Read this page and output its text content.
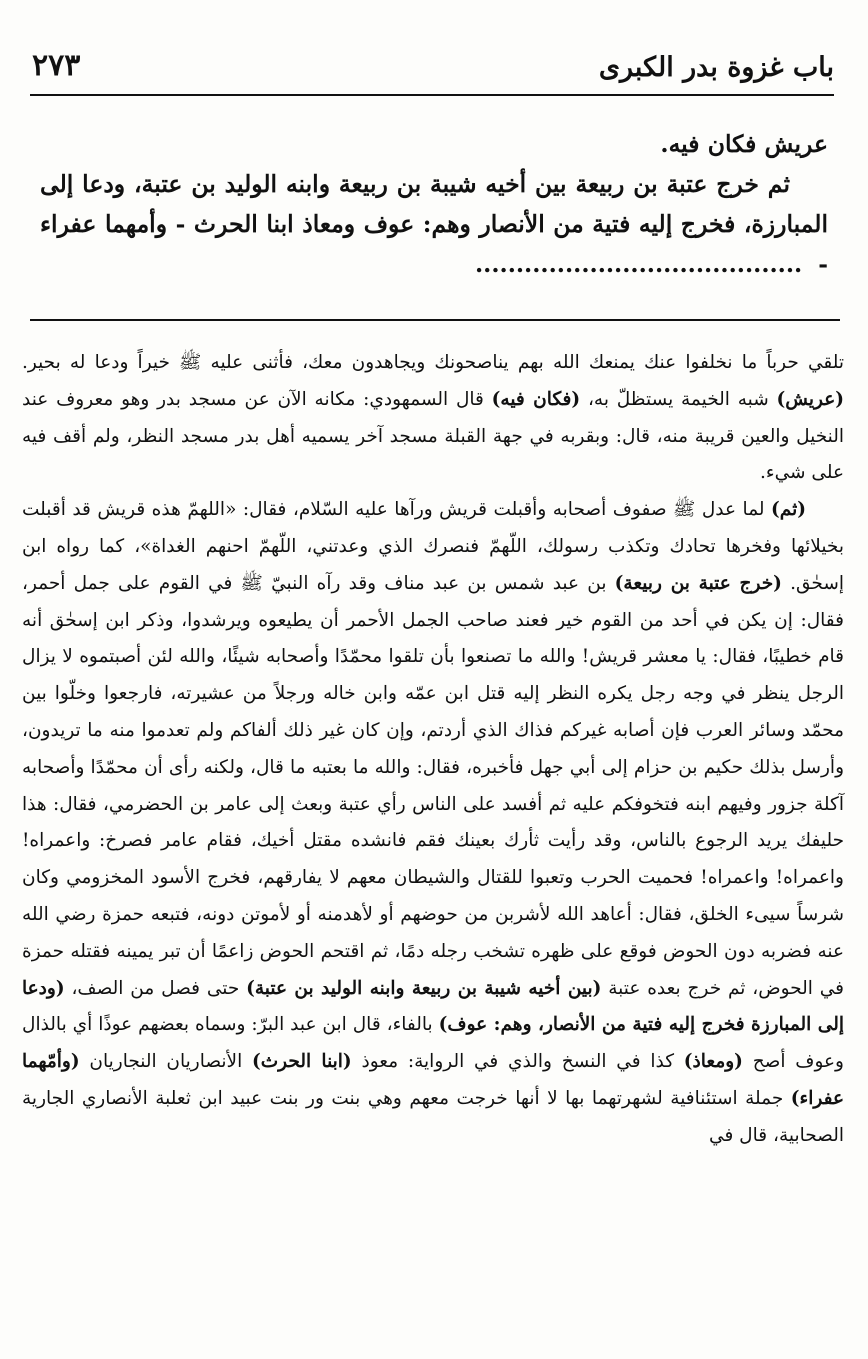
٢٧٣	باب غزوة بدر الكبرى

عريش فكان فيه.

ثم خرج عتبة بن ربيعة بين أخيه شيبة بن ربيعة وابنه الوليد بن عتبة، ودعا إلى المبارزة، فخرج إليه فتية من الأنصار وهم: عوف ومعاذ ابنا الحرث - وأمهما عفراء -........................................

تلقي حرباً ما نخلفوا عنك يمنعك الله بهم يناصحونك ويجاهدون معك، فأثنى عليه ﷺ خيراً ودعا له بحير. (عريش) شبه الخيمة يستظلّ به، (فكان فيه) قال السمهودي: مكانه الآن عن مسجد بدر وهو معروف عند النخيل والعين قريبة منه، قال: وبقربه في جهة القبلة مسجد آخر يسميه أهل بدر مسجد النظر، ولم أقف فيه على شيء.

(ثم) لما عدل ﷺ صفوف أصحابه وأقبلت قريش ورآها عليه السّلام، فقال: «اللهمّ هذه قريش قد أقبلت بخيلائها وفخرها تحادك وتكذب رسولك، اللّهمّ فنصرك الذي وعدتني، اللّهمّ احنهم الغداة»، كما رواه ابن إسحٰق. (خرج عتبة بن ربيعة) بن عبد شمس بن عبد مناف وقد رآه النبيّ ﷺ في القوم على جمل أحمر، فقال: إن يكن في أحد من القوم خير فعند صاحب الجمل الأحمر أن يطيعوه ويرشدوا، وذكر ابن إسحٰق أنه قام خطيبًا، فقال: يا معشر قريش! والله ما تصنعوا بأن تلقوا محمّدًا وأصحابه شيئًا، والله لئن أصبتموه لا يزال الرجل ينظر في وجه رجل يكره النظر إليه قتل ابن عمّه وابن خاله ورجلاً من عشيرته، فارجعوا وخلّوا بين محمّد وسائر العرب فإن أصابه غيركم فذاك الذي أردتم، وإن كان غير ذلك ألفاكم ولم تعدموا منه ما تريدون، وأرسل بذلك حكيم بن حزام إلى أبي جهل فأخبره، فقال: والله ما بعتبه ما قال، ولكنه رأى أن محمّدًا وأصحابه آكلة جزور وفيهم ابنه فتخوفكم عليه ثم أفسد على الناس رأي عتبة وبعث إلى عامر بن الحضرمي، فقال: هذا حليفك يريد الرجوع بالناس، وقد رأيت ثأرك بعينك فقم فانشده مقتل أخيك، فقام عامر فصرخ: واعمراه! واعمراه! واعمراه! فحميت الحرب وتعبوا للقتال والشيطان معهم لا يفارقهم، فخرج الأسود المخزومي وكان شرساً سيىء الخلق، فقال: أعاهد الله لأشربن من حوضهم أو لأهدمنه أو لأموتن دونه، فتبعه حمزة رضي الله عنه فضربه دون الحوض فوقع على ظهره تشخب رجله دمًا، ثم اقتحم الحوض زاعمًا أن تبر يمينه فقتله حمزة في الحوض، ثم خرج بعده عتبة (بين أخيه شيبة بن ربيعة وابنه الوليد بن عتبة) حتى فصل من الصف، (ودعا إلى المبارزة فخرج إليه فتية من الأنصار، وهم: عوف) بالفاء، قال ابن عبد البرّ: وسماه بعضهم عوذًا أي بالذال وعوف أصح (ومعاذ) كذا في النسخ والذي في الرواية: معوذ (ابنا الحرث) الأنصاريان النجاريان (وأمّهما عفراء) جملة استئنافية لشهرتهما بها لا أنها خرجت معهم وهي بنت ور بنت عبيد ابن ثعلبة الأنصاري الجارية الصحابية، قال في
